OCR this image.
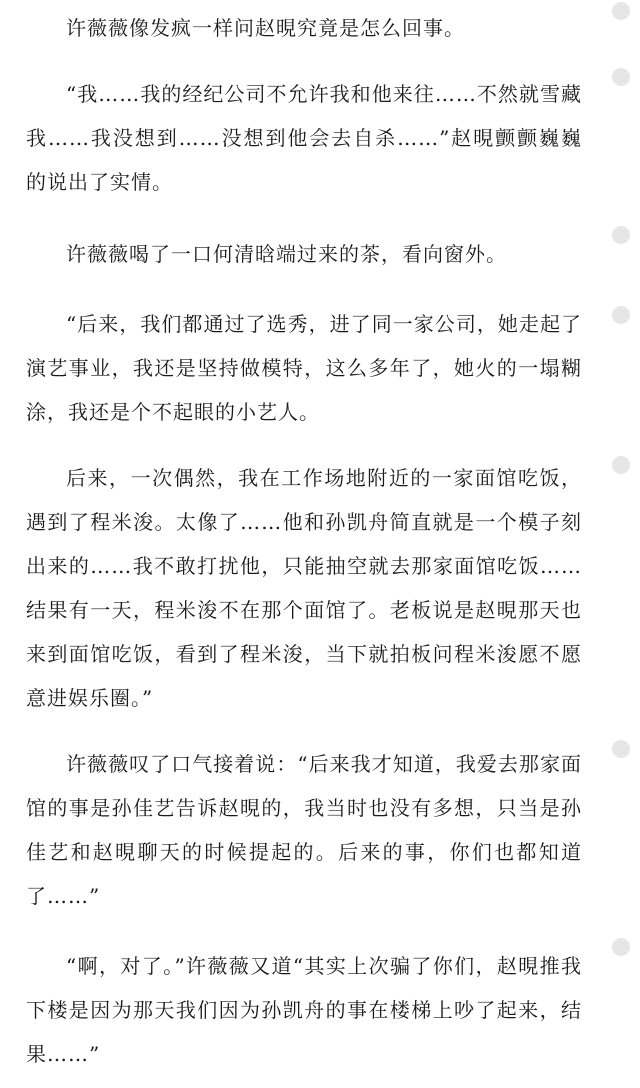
许薇薇像发疯一样问赵晛究竟是怎么回事。

“我……我的经纪公司不允许我和他来往……不然就雪藏我……我没想到……没想到他会去自杀……”赵晛颤颤巍巍的说出了实情。

许薇薇喝了一口何清晗端过来的茶，看向窗外。

“后来，我们都通过了选秀，进了同一家公司，她走起了演艺事业，我还是坚持做模特，这么多年了，她火的一塌糊涂，我还是个不起眼的小艺人。

后来，一次偶然，我在工作场地附近的一家面馆吃饭，遇到了程米浚。太像了……他和孙凯舟简直就是一个模子刻出来的……我不敢打扰他，只能抽空就去那家面馆吃饭……结果有一天，程米浚不在那个面馆了。老板说是赵晛那天也来到面馆吃饭，看到了程米浚，当下就拍板问程米浚愿不愿意进娱乐圈。”

许薇薇叹了口气接着说：“后来我才知道，我爱去那家面馆的事是孙佳艺告诉赵晛的，我当时也没有多想，只当是孙佳艺和赵晛聊天的时候提起的。后来的事，你们也都知道了……”

“啊，对了。”许薇薇又道“其实上次骗了你们，赵晛推我下楼是因为那天我们因为孙凯舟的事在楼梯上吵了起来，结果……”
